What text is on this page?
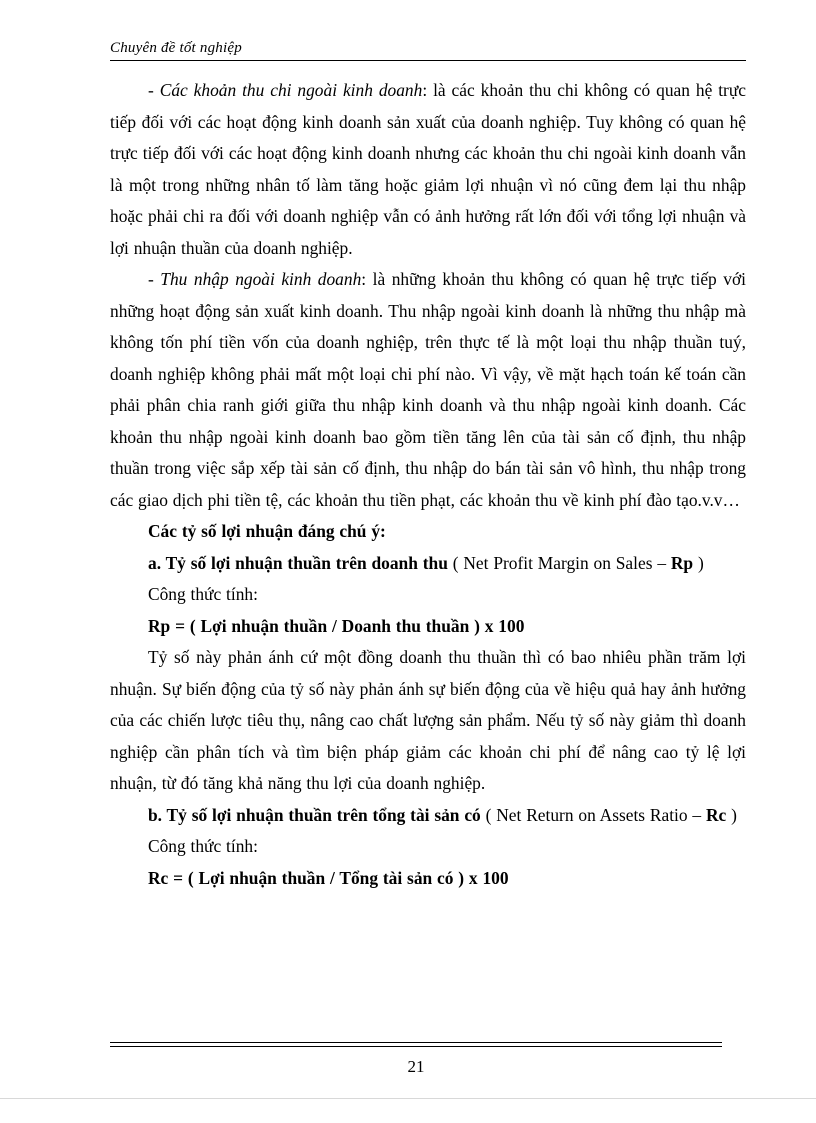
Chuyên đề tốt nghiệp

- Các khoản thu chi ngoài kinh doanh: là các khoản thu chi không có quan hệ trực tiếp đối với các hoạt động kinh doanh sản xuất của doanh nghiệp. Tuy không có quan hệ trực tiếp đối với các hoạt động kinh doanh nhưng các khoản thu chi ngoài kinh doanh vẫn là một trong những nhân tố làm tăng hoặc giảm lợi nhuận vì nó cũng đem lại thu nhập hoặc phải chi ra đối với doanh nghiệp vẫn có ảnh hưởng rất lớn đối với tổng lợi nhuận và lợi nhuận thuần của doanh nghiệp.

- Thu nhập ngoài kinh doanh: là những khoản thu không có quan hệ trực tiếp với những hoạt động sản xuất kinh doanh. Thu nhập ngoài kinh doanh là những thu nhập mà không tốn phí tiền vốn của doanh nghiệp, trên thực tế là một loại thu nhập thuần tuý, doanh nghiệp không phải mất một loại chi phí nào. Vì vậy, về mặt hạch toán kế toán cần phải phân chia ranh giới giữa thu nhập kinh doanh và thu nhập ngoài kinh doanh. Các khoản thu nhập ngoài kinh doanh bao gồm tiền tăng lên của tài sản cố định, thu nhập thuần trong việc sắp xếp tài sản cố định, thu nhập do bán tài sản vô hình, thu nhập trong các giao dịch phi tiền tệ, các khoản thu tiền phạt, các khoản thu về kinh phí đào tạo.v.v…

Các tỷ số lợi nhuận đáng chú ý:

a. Tỷ số lợi nhuận thuần trên doanh thu ( Net Profit Margin on Sales – Rp )

Công thức tính:

Rp = ( Lợi nhuận thuần / Doanh thu thuần ) x 100

Tỷ số này phản ánh cứ một đồng doanh thu thuần thì có bao nhiêu phần trăm lợi nhuận. Sự biến động của tỷ số này phản ánh sự biến động của về hiệu quả hay ảnh hưởng của các chiến lược tiêu thụ, nâng cao chất lượng sản phẩm. Nếu tỷ số này giảm thì doanh nghiệp cần phân tích và tìm biện pháp giảm các khoản chi phí để nâng cao tỷ lệ lợi nhuận, từ đó tăng khả năng thu lợi của doanh nghiệp.

b. Tỷ số lợi nhuận thuần trên tổng tài sản có ( Net Return on Assets Ratio – Rc )

Công thức tính:

Rc = ( Lợi nhuận thuần / Tổng tài sản có ) x 100

21
